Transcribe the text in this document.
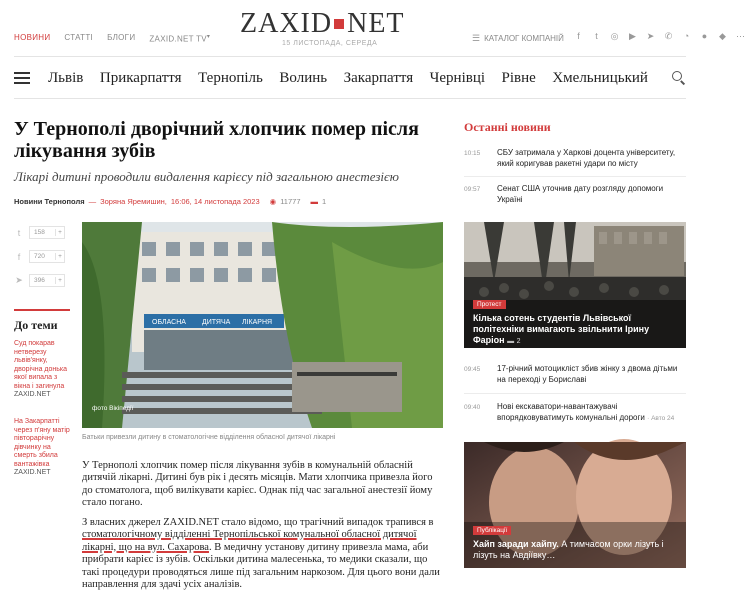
НОВИНИ СТАТТІ БЛОГИ ZAXID.NET TV▾ ZAXID NET
15 ЛИСТОПАДА, СЕРЕДА
☰ КАТАЛОГ КОМПАНІЙ	f	t	◎ ▶ ➤ ✆ ◔ ● ◆ ⋯
Львів Прикарпаття Тернопіль Волинь Закарпаття Чернівці Рівне Хмельницький
У Тернополі дворічний хлопчик помер після лікування зубів
Лікарі дитині проводили видалення карієсу під загальною анестезією
Новини Тернополя — Зоряна Яремишин, 16:06, 14 листопада 2023 ◉ 11777 ▬ 1
t	158	+
f	720	+
➤	396	+
До теми
Суд покарав нетверезу львів'янку, дворічна донька якої випала з вікна і загинула
ZAXID.NET
На Закарпатті через п'яну матір півторарічну дівчинку на смерть збила вантажівка
ZAXID.NET
ОБЛАСНА ДИТЯЧА ЛІКАРНЯ
фото Вікіпедії
Батьки привезли дитину в стоматологічне відділення обласної дитячої лікарні

У Тернополі хлопчик помер після лікування зубів в комунальній обласній дитячій лікарні. Дитині був рік і десять місяців. Мати хлопчика привезла його до стоматолога, щоб вилікувати карієс. Однак під час загальної анестезії йому стало погано.

З власних джерел ZAXID.NET стало відомо, що трагічний випадок трапився в стоматологічному відділенні Тернопільської комунальної обласної дитячої лікарні, що на вул. Сахарова. В медичну установу дитину привезла мама, аби прибрати карієс із зубів. Оскільки дитина малесенька, то медики сказали, що такі процедури проводяться лише під загальним наркозом. Для цього вони дали направлення для здачі усіх аналізів.

Останні новини
10:15	СБУ затримала у Харкові доцента університету, який коригував ракетні удари по місту
09:57	Сенат США уточнив дату розгляду допомоги Україні
Протест
Кілька сотень студентів Львівської політехніки вимагають звільнити Ірину Фаріон ▬ 2
09:45	17-річний мотоцикліст збив жінку з двома дітьми на переході у Бориславі
09:40	Нові екскаватори-навантажувачі впорядковуватимуть комунальні дороги · Авто 24
Публікації
Хайп заради хайпу. А тимчасом орки лізуть і лізуть на Авдіївку…
